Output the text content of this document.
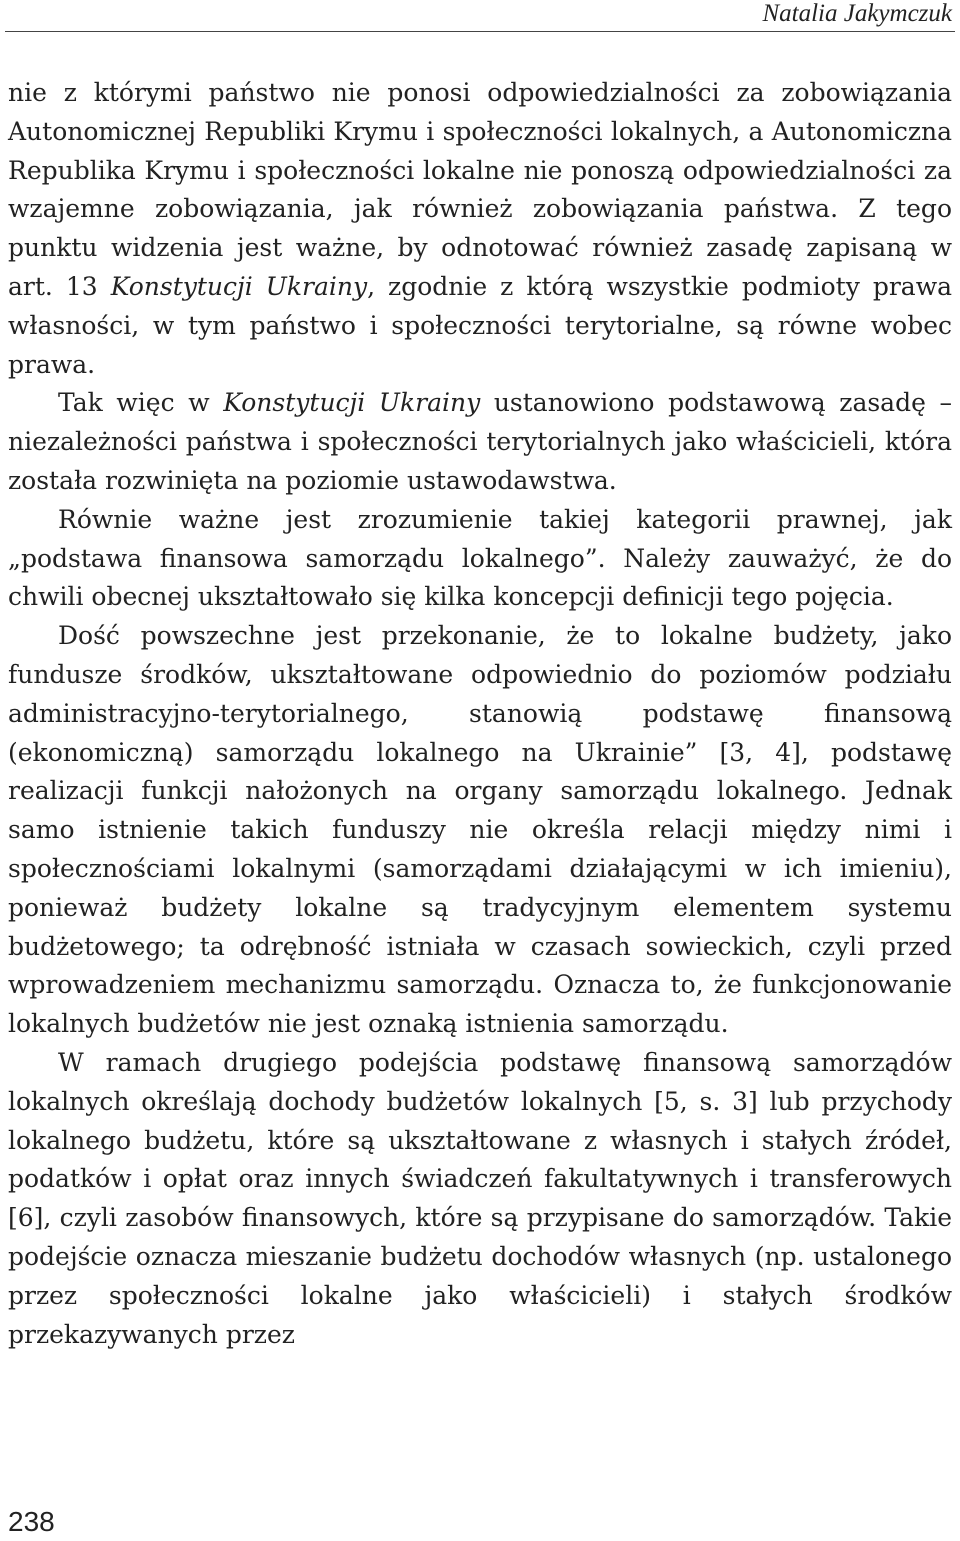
Natalia Jakymczuk

nie z którymi państwo nie ponosi odpowiedzialności za zobowiązania Autonomicznej Republiki Krymu i społeczności lokalnych, a Autonomiczna Republika Krymu i społeczności lokalne nie ponoszą odpowiedzialności za wzajemne zobowiązania, jak również zobowiązania państwa. Z tego punktu widzenia jest ważne, by odnotować również zasadę zapisaną w art. 13 Konstytucji Ukrainy, zgodnie z którą wszystkie podmioty prawa własności, w tym państwo i społeczności terytorialne, są równe wobec prawa.

Tak więc w Konstytucji Ukrainy ustanowiono podstawową zasadę – niezależności państwa i społeczności terytorialnych jako właścicieli, która została rozwinięta na poziomie ustawodawstwa.

Równie ważne jest zrozumienie takiej kategorii prawnej, jak „podstawa finansowa samorządu lokalnego”. Należy zauważyć, że do chwili obecnej ukształtowało się kilka koncepcji definicji tego pojęcia.

Dość powszechne jest przekonanie, że to lokalne budżety, jako fundusze środków, ukształtowane odpowiednio do poziomów podziału administracyjno-terytorialnego, stanowią podstawę finansową (ekonomiczną) samorządu lokalnego na Ukrainie” [3, 4], podstawę realizacji funkcji nałożonych na organy samorządu lokalnego. Jednak samo istnienie takich funduszy nie określa relacji między nimi i społecznościami lokalnymi (samorządami działającymi w ich imieniu), ponieważ budżety lokalne są tradycyjnym elementem systemu budżetowego; ta odrębność istniała w czasach sowieckich, czyli przed wprowadzeniem mechanizmu samorządu. Oznacza to, że funkcjonowanie lokalnych budżetów nie jest oznaką istnienia samorządu.

W ramach drugiego podejścia podstawę finansową samorządów lokalnych określają dochody budżetów lokalnych [5, s. 3] lub przychody lokalnego budżetu, które są ukształtowane z własnych i stałych źródeł, podatków i opłat oraz innych świadczeń fakultatywnych i transferowych [6], czyli zasobów finansowych, które są przypisane do samorządów. Takie podejście oznacza mieszanie budżetu dochodów własnych (np. ustalonego przez społeczności lokalne jako właścicieli) i stałych środków przekazywanych przez

238
